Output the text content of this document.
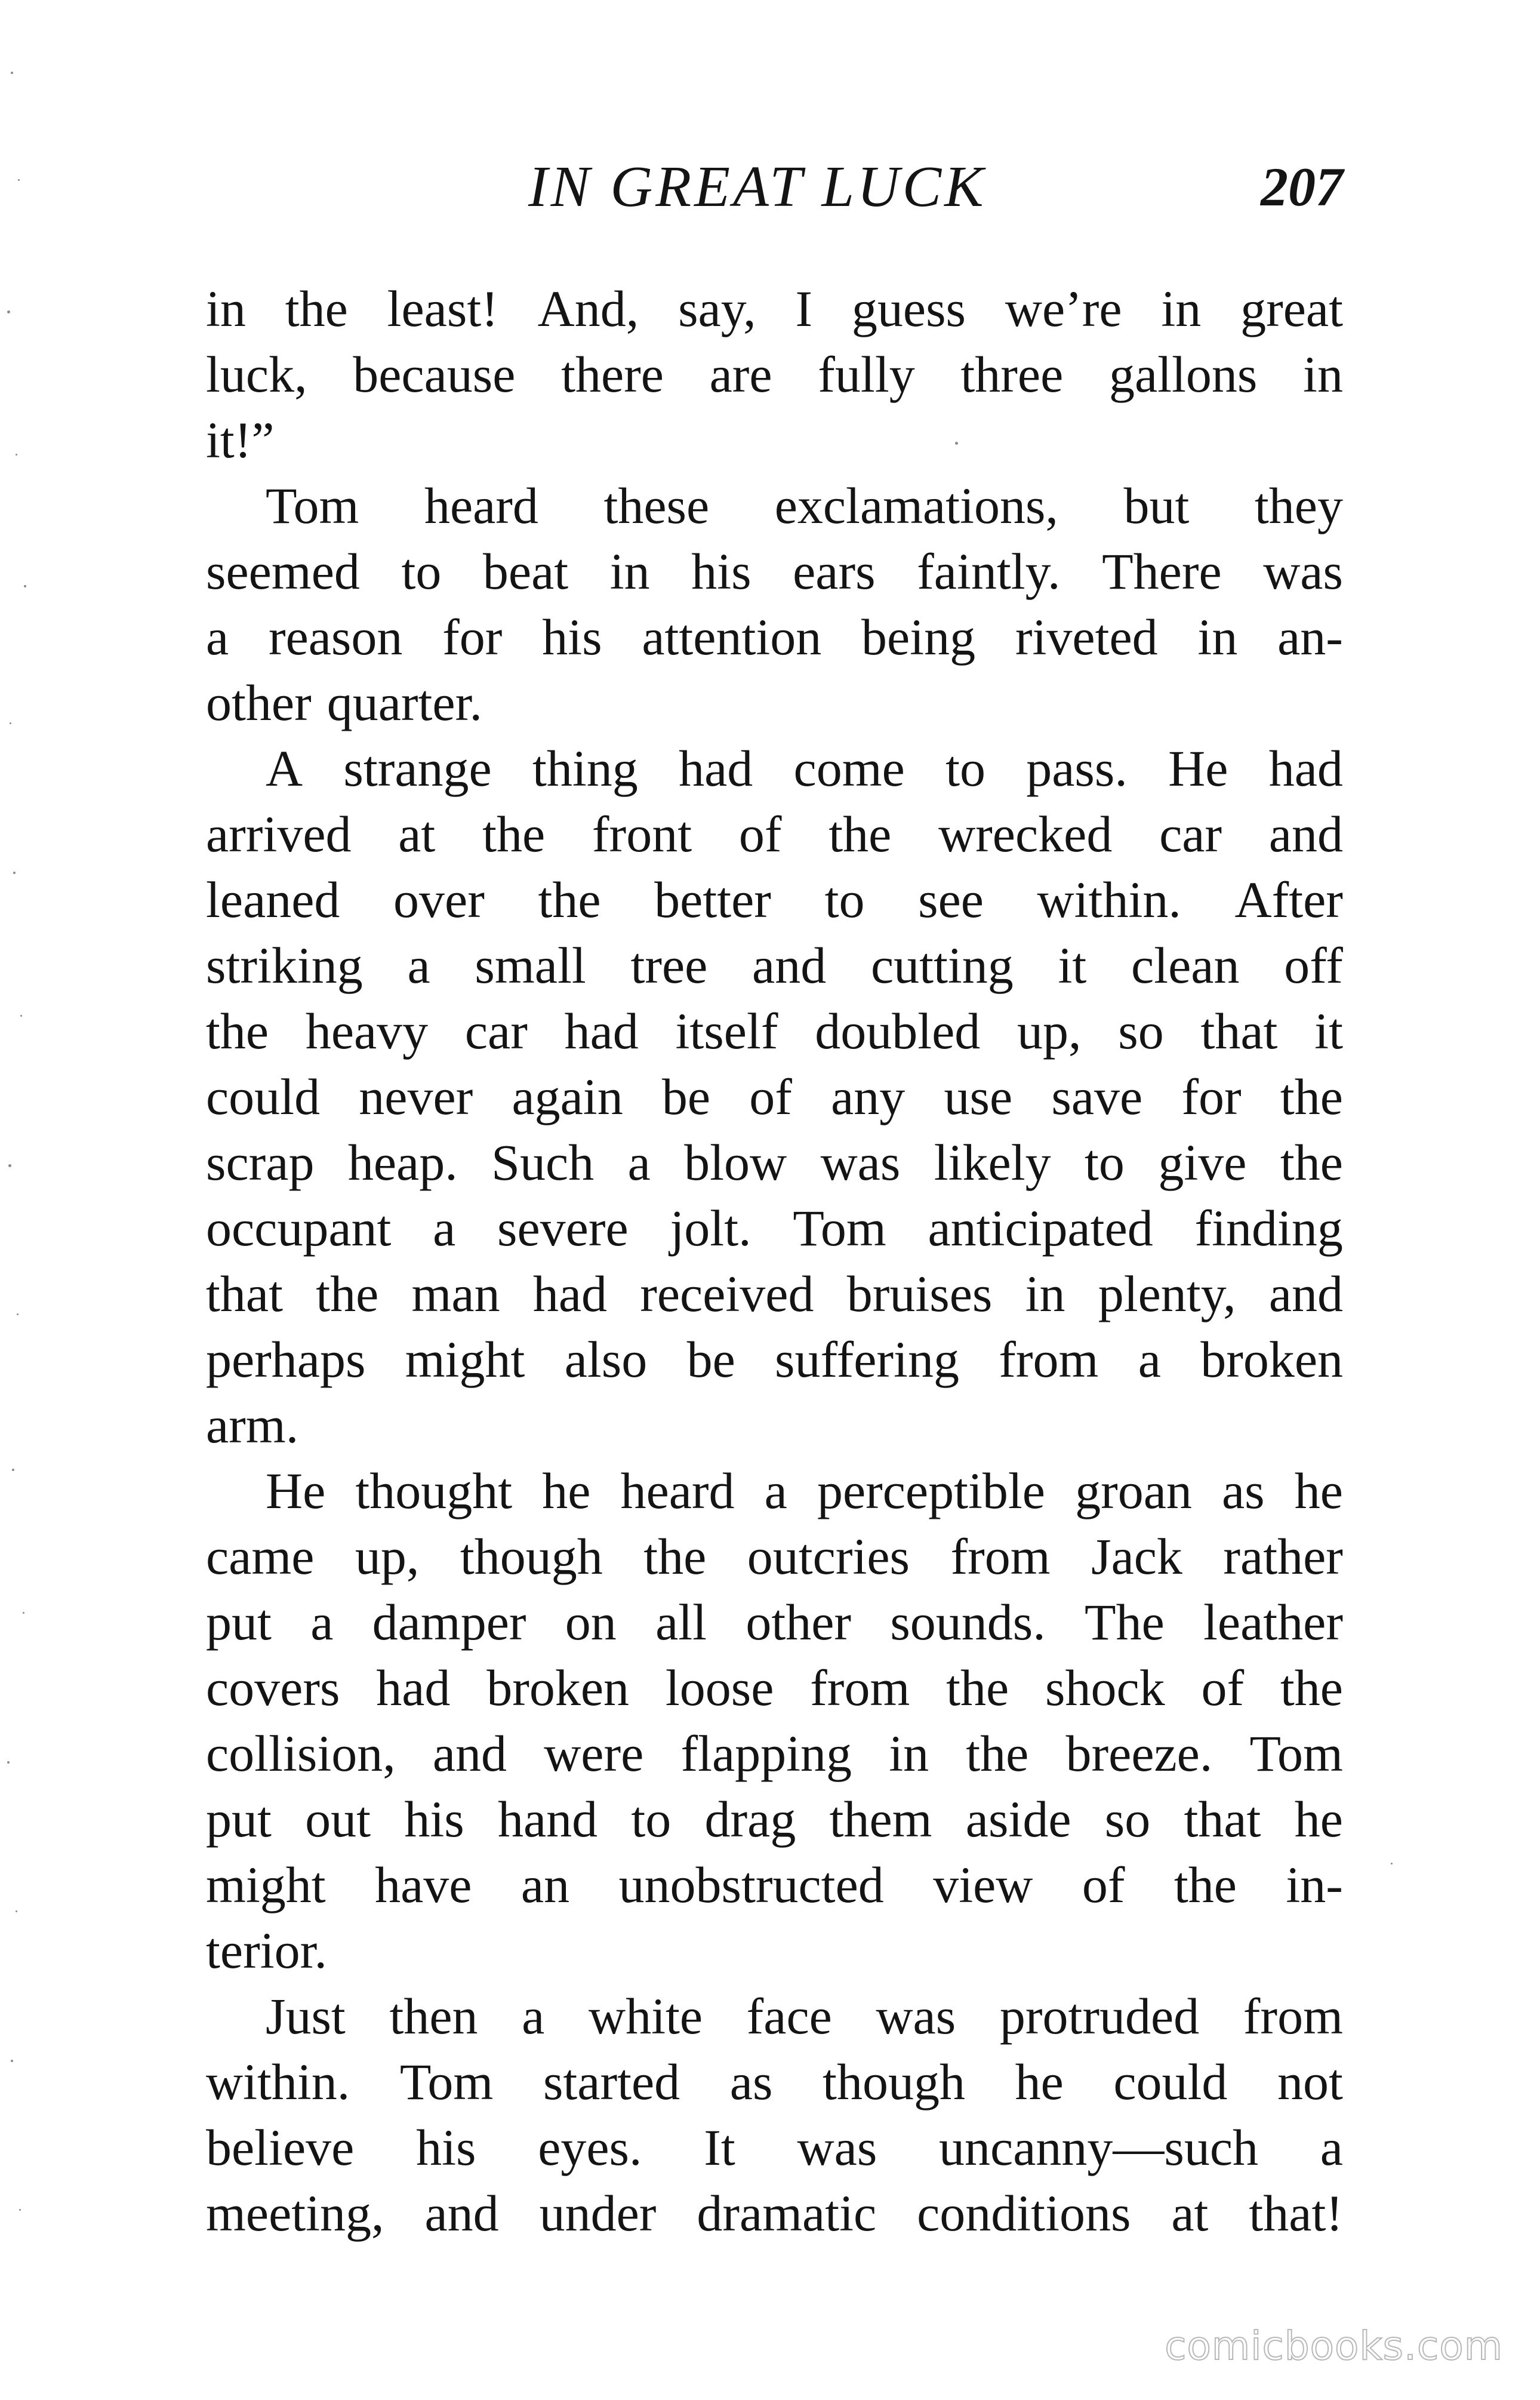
IN GREAT LUCK	207
in the least! And, say, I guess we’re in great
luck, because there are fully three gallons in
it!”
Tom heard these exclamations, but they
seemed to beat in his ears faintly. There was
a reason for his attention being riveted in an-
other quarter.
A strange thing had come to pass. He had
arrived at the front of the wrecked car and
leaned over the better to see within. After
striking a small tree and cutting it clean off
the heavy car had itself doubled up, so that it
could never again be of any use save for the
scrap heap. Such a blow was likely to give the
occupant a severe jolt. Tom anticipated finding
that the man had received bruises in plenty, and
perhaps might also be suffering from a broken
arm.
He thought he heard a perceptible groan as he
came up, though the outcries from Jack rather
put a damper on all other sounds. The leather
covers had broken loose from the shock of the
collision, and were flapping in the breeze. Tom
put out his hand to drag them aside so that he
might have an unobstructed view of the in-
terior.
Just then a white face was protruded from
within. Tom started as though he could not
believe his eyes. It was uncanny—such a
meeting, and under dramatic conditions at that!
comicbooks.com
